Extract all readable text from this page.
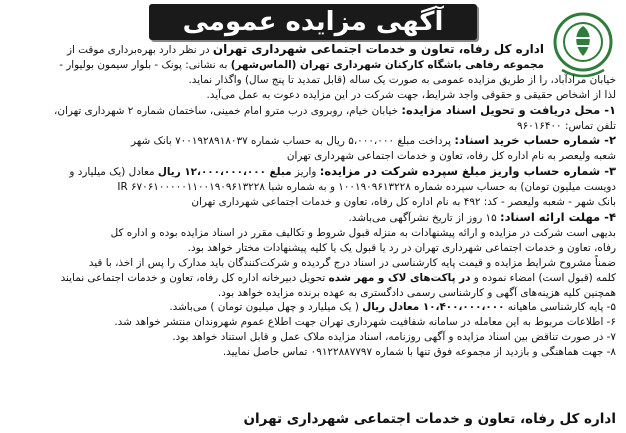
آگهی مزایده عمومی

اداره کل رفاه، تعاون و خدمات اجتماعی شهرداری تهران در نظر دارد بهره‌برداری موقت از

مجموعه رفاهی باشگاه کارکنان شهرداری تهران (الماس‌شهر) به نشانی: پونک - بلوار سیمون بولیوار -

خیابان مرادآباد، را از طریق مزایده عمومی به صورت یک ساله (قابل تمدید تا پنج سال) واگذار نماید.

لذا از اشخاص حقیقی و حقوقی واجد شرایط، جهت شرکت در این مزایده دعوت به عمل می‌آید.

۱- محل دریافت و تحویل اسناد مزایده: خیابان خیام، روبروی درب مترو امام خمینی، ساختمان شماره ۲ شهرداری تهران،

تلفن تماس: ۹۶۰۱۶۴۰۰

۲- شماره حساب خرید اسناد: پرداخت مبلغ ۵،۰۰۰،۰۰۰ ریال به حساب شماره ۷۰۰۱۹۲۸۹۱۸۰۳۷ بانک شهر

شعبه ولیعصر به نام اداره کل رفاه، تعاون و خدمات اجتماعی شهرداری تهران

۳- شماره حساب واریز مبلغ سپرده شرکت در مزایده: واریز مبلغ ۱۲،۰۰۰،۰۰۰،۰۰۰ ریال معادل (یک میلیارد و

دویست میلیون تومان) به حساب سپرده شماره ۱۰۰۱۹۰۹۶۱۳۲۲۸ و به شماره شبا IR ۶۷۰۶۱۰۰۰۰۰۱۱۰۰۱۹۰۹۶۱۳۲۲۸

بانک شهر - شعبه ولیعصر - کد: ۴۹۲ به نام اداره کل رفاه، تعاون و خدمات اجتماعی شهرداری تهران

۴- مهلت ارائه اسناد: ۱۵ روز از تاریخ نشرآگهی می‌باشد.

بدیهی است شرکت در مزایده و ارائه پیشنهادات به منزله قبول شروط و تکالیف مقرر در اسناد مزایده بوده و اداره کل

رفاه، تعاون و خدمات اجتماعی شهرداری تهران در رد یا قبول یک یا کلیه پیشنهادات مختار خواهد بود.

ضمناً مشروح شرایط مزایده و قیمت پایه کارشناسی در اسناد درج گردیده و شرکت‌کنندگان باید مدارک را پس از اخذ، با قید

کلمه (قبول است) امضاء نموده و در پاکت‌های لاک و مهر شده تحویل دبیرخانه اداره کل رفاه، تعاون و خدمات اجتماعی نمایند

همچنین کلیه هزینه‌های آگهی و کارشناسی رسمی دادگستری به عهده برنده مزایده خواهد بود.

۵- پایه کارشناسی ماهیانه ۱۰،۴۰۰،۰۰۰،۰۰۰ معادل ریال ( یک میلیارد و چهل میلیون تومان ) می‌باشد.

۶- اطلاعات مربوط به این معامله در سامانه شفافیت شهرداری تهران جهت اطلاع عموم شهروندان منتشر خواهد شد.

۷- در صورت تناقض بین اسناد مزایده و آگهی روزنامه، اسناد مزایده ملاک عمل و قابل استناد خواهد بود.

۸- جهت هماهنگی و بازدید از مجموعه فوق تنها با شماره ۰۹۱۲۲۸۸۷۷۹۷ تماس حاصل نمایید.

اداره کل رفاه، تعاون و خدمات اجتماعی شهرداری تهران
